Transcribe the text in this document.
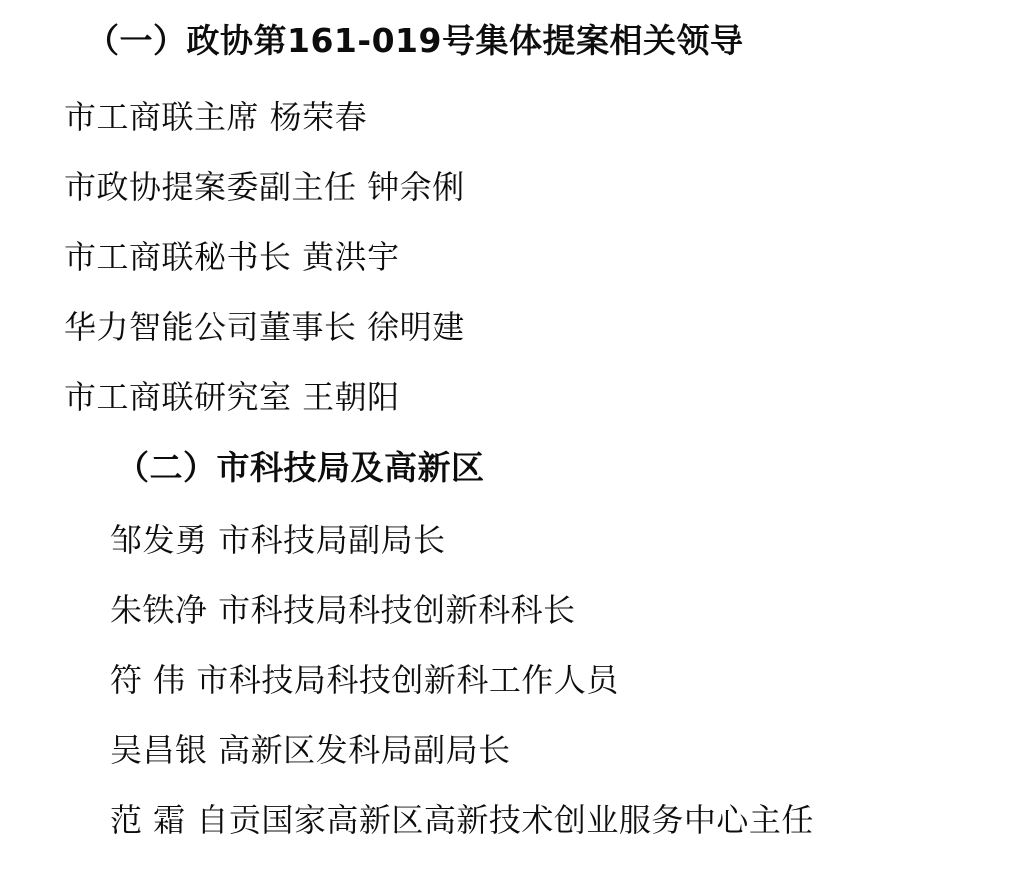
（一）政协第161-019号集体提案相关领导
市工商联主席 杨荣春
市政协提案委副主任 钟余俐
市工商联秘书长 黄洪宇
华力智能公司董事长 徐明建
市工商联研究室 王朝阳
（二）市科技局及高新区
邹发勇 市科技局副局长
朱铁净 市科技局科技创新科科长
符 伟 市科技局科技创新科工作人员
吴昌银 高新区发科局副局长
范 霜 自贡国家高新区高新技术创业服务中心主任
